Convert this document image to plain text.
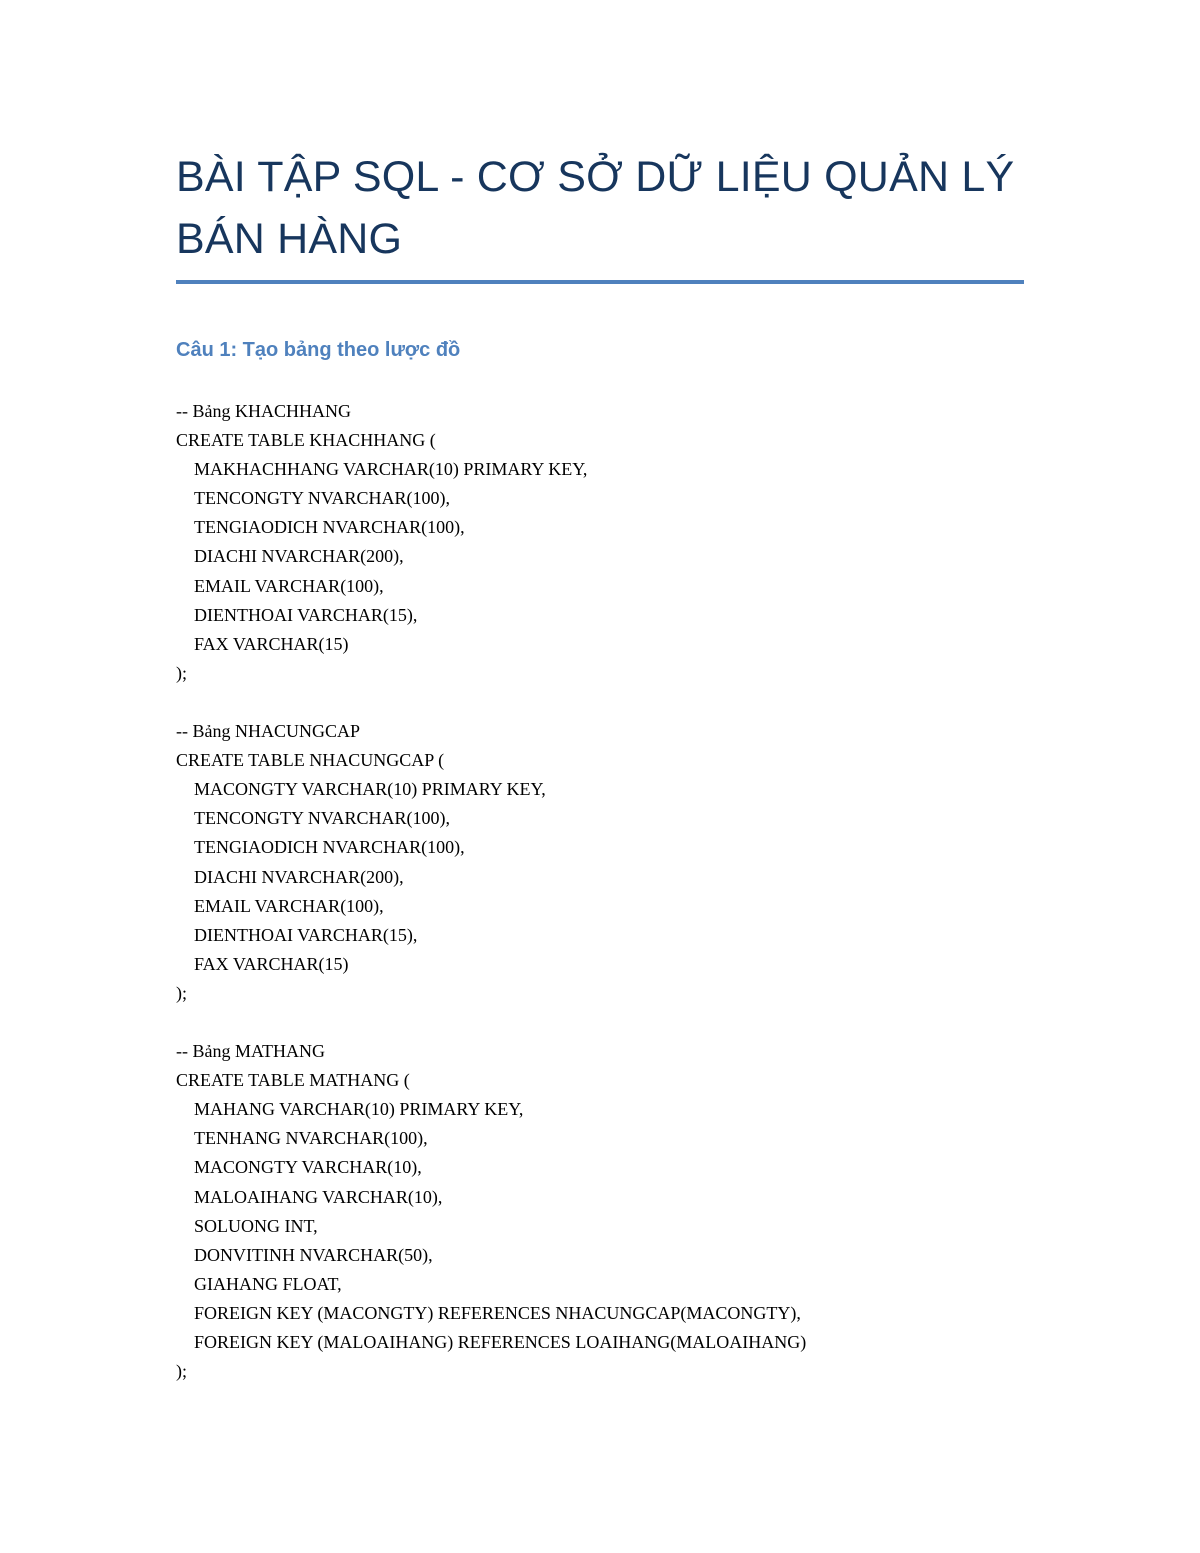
BÀI TẬP SQL - CƠ SỞ DỮ LIỆU QUẢN LÝ
BÁN HÀNG
Câu 1: Tạo bảng theo lược đồ
-- Bảng KHACHHANG
CREATE TABLE KHACHHANG (
MAKHACHHANG VARCHAR(10) PRIMARY KEY,
TENCONGTY NVARCHAR(100),
TENGIAODICH NVARCHAR(100),
DIACHI NVARCHAR(200),
EMAIL VARCHAR(100),
DIENTHOAI VARCHAR(15),
FAX VARCHAR(15)
);
-- Bảng NHACUNGCAP
CREATE TABLE NHACUNGCAP (
MACONGTY VARCHAR(10) PRIMARY KEY,
TENCONGTY NVARCHAR(100),
TENGIAODICH NVARCHAR(100),
DIACHI NVARCHAR(200),
EMAIL VARCHAR(100),
DIENTHOAI VARCHAR(15),
FAX VARCHAR(15)
);
-- Bảng MATHANG
CREATE TABLE MATHANG (
MAHANG VARCHAR(10) PRIMARY KEY,
TENHANG NVARCHAR(100),
MACONGTY VARCHAR(10),
MALOAIHANG VARCHAR(10),
SOLUONG INT,
DONVITINH NVARCHAR(50),
GIAHANG FLOAT,
FOREIGN KEY (MACONGTY) REFERENCES NHACUNGCAP(MACONGTY),
FOREIGN KEY (MALOAIHANG) REFERENCES LOAIHANG(MALOAIHANG)
);
